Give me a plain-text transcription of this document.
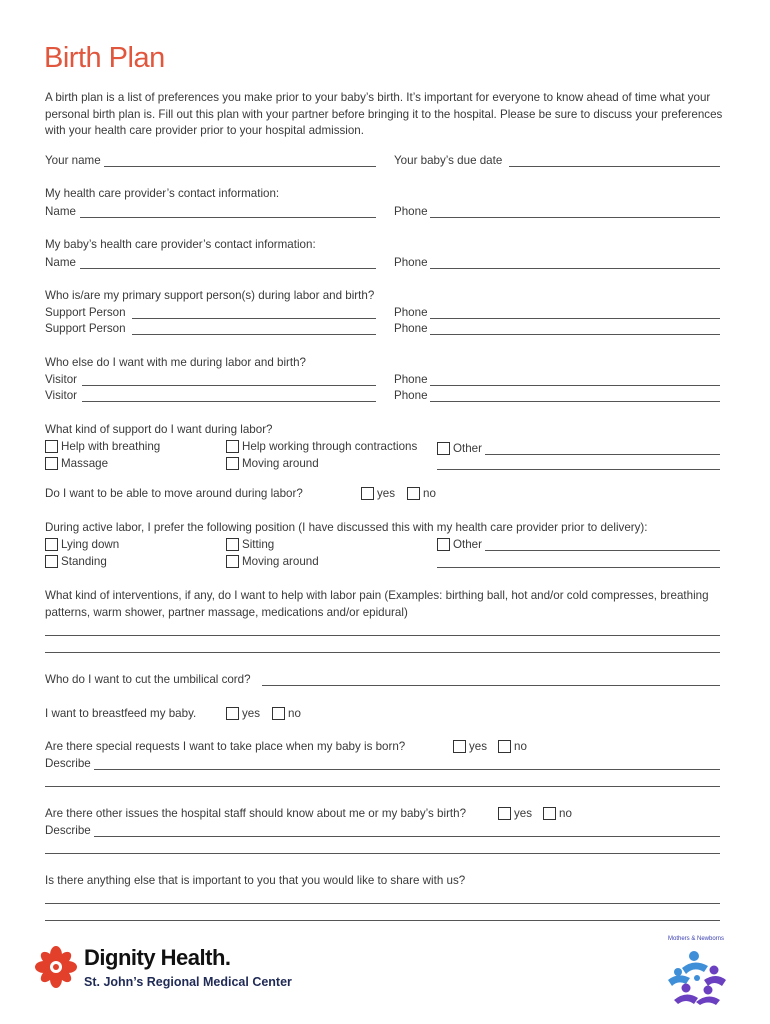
Birth Plan
A birth plan is a list of preferences you make prior to your baby’s birth. It’s important for everyone to know ahead of time what your personal birth plan is. Fill out this plan with your partner before bringing it to the hospital. Please be sure to discuss your preferences with your health care provider prior to your hospital admission.
Your name	Your baby’s due date
My health care provider’s contact information:
Name	Phone
My baby’s health care provider’s contact information:
Name	Phone
Who is/are my primary support person(s) during labor and birth?
Support Person	Phone
Support Person	Phone
Who else do I want with me during labor and birth?
Visitor	Phone
Visitor	Phone
What kind of support do I want during labor?
Help with breathing	Help working through contractions	Other
Massage	Moving around
Do I want to be able to move around during labor?	yes no
During active labor, I prefer the following position (I have discussed this with my health care provider prior to delivery):
Lying down	Sitting	Other
Standing	Moving around
What kind of interventions, if any, do I want to help with labor pain (Examples: birthing ball, hot and/or cold compresses, breathing patterns, warm shower, partner massage, medications and/or epidural)
Who do I want to cut the umbilical cord?
I want to breastfeed my baby.	yes no
Are there special requests I want to take place when my baby is born?	yes no
Describe
Are there other issues the hospital staff should know about me or my baby’s birth?	yes no
Describe
Is there anything else that is important to you that you would like to share with us?
Dignity Health.
St. John’s Regional Medical Center
Mothers & Newborns
